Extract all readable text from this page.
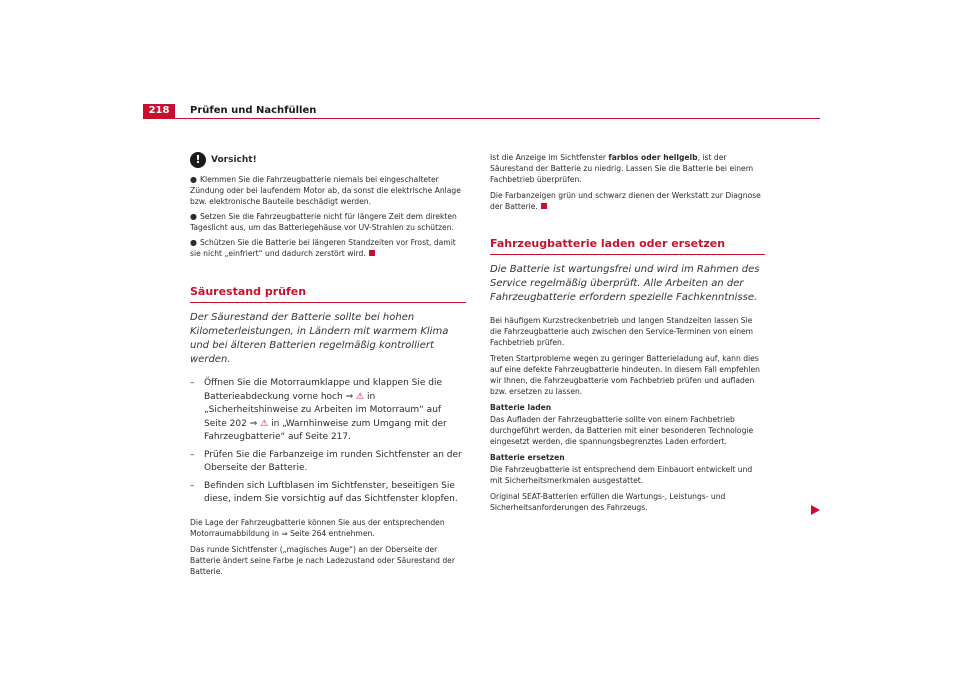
218	Prüfen und Nachfüllen
!	Vorsicht!
● Klemmen Sie die Fahrzeugbatterie niemals bei eingeschalteter Zündung oder bei laufendem Motor ab, da sonst die elektrische Anlage bzw. elektronische Bauteile beschädigt werden.
● Setzen Sie die Fahrzeugbatterie nicht für längere Zeit dem direkten Tageslicht aus, um das Batteriegehäuse vor UV-Strahlen zu schützen.
● Schützen Sie die Batterie bei längeren Standzeiten vor Frost, damit sie nicht „einfriert“ und dadurch zerstört wird.
Säurestand prüfen

Der Säurestand der Batterie sollte bei hohen Kilometerleistungen, in Ländern mit warmem Klima und bei älteren Batterien regelmäßig kontrolliert werden.

– Öffnen Sie die Motorraumklappe und klappen Sie die Batterieabdeckung vorne hoch ⇒ ⚠ in „Sicherheitshinweise zu Arbeiten im Motorraum“ auf Seite 202 ⇒ ⚠ in „Warnhinweise zum Umgang mit der Fahrzeugbatterie“ auf Seite 217.
– Prüfen Sie die Farbanzeige im runden Sichtfenster an der Oberseite der Batterie.
– Befinden sich Luftblasen im Sichtfenster, beseitigen Sie diese, indem Sie vorsichtig auf das Sichtfenster klopfen.

Die Lage der Fahrzeugbatterie können Sie aus der entsprechenden Motorraumabbildung in ⇒ Seite 264 entnehmen.

Das runde Sichtfenster („magisches Auge“) an der Oberseite der Batterie ändert seine Farbe je nach Ladezustand oder Säurestand der Batterie.

Ist die Anzeige im Sichtfenster farblos oder hellgelb, ist der Säurestand der Batterie zu niedrig. Lassen Sie die Batterie bei einem Fachbetrieb überprüfen.

Die Farbanzeigen grün und schwarz dienen der Werkstatt zur Diagnose der Batterie.

Fahrzeugbatterie laden oder ersetzen

Die Batterie ist wartungsfrei und wird im Rahmen des Service regelmäßig überprüft. Alle Arbeiten an der Fahrzeugbatterie erfordern spezielle Fachkenntnisse.

Bei häufigem Kurzstreckenbetrieb und langen Standzeiten lassen Sie die Fahrzeugbatterie auch zwischen den Service-Terminen von einem Fachbetrieb prüfen.

Treten Startprobleme wegen zu geringer Batterieladung auf, kann dies auf eine defekte Fahrzeugbatterie hindeuten. In diesem Fall empfehlen wir Ihnen, die Fahrzeugbatterie vom Fachbetrieb prüfen und aufladen bzw. ersetzen zu lassen.

Batterie laden

Das Aufladen der Fahrzeugbatterie sollte von einem Fachbetrieb durchgeführt werden, da Batterien mit einer besonderen Technologie eingesetzt werden, die spannungsbegrenztes Laden erfordert.

Batterie ersetzen

Die Fahrzeugbatterie ist entsprechend dem Einbauort entwickelt und mit Sicherheitsmerkmalen ausgestattet.

Original SEAT-Batterien erfüllen die Wartungs-, Leistungs- und Sicherheitsanforderungen des Fahrzeugs.
